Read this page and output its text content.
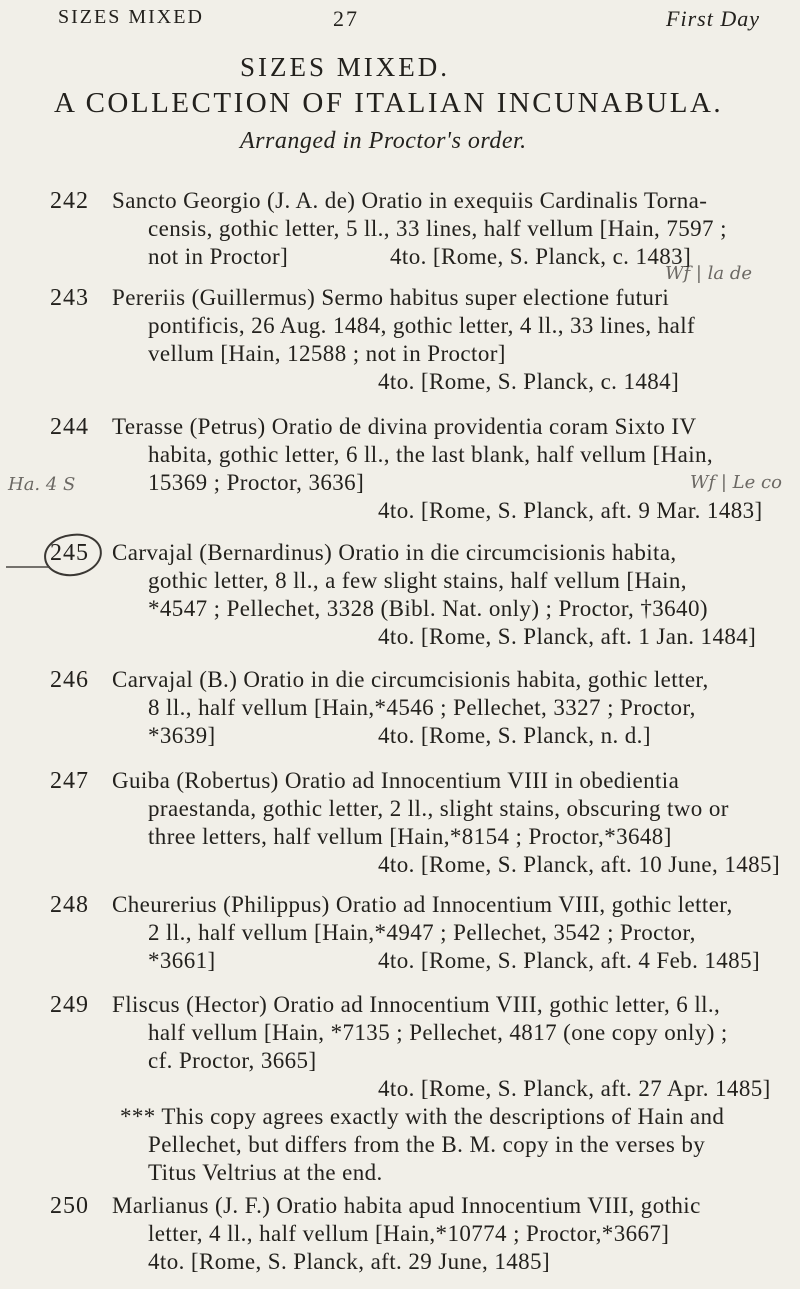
SIZES MIXED	27	First Day
SIZES MIXED.
A COLLECTION OF ITALIAN INCUNABULA.
Arranged in Proctor's order.
242 Sancto Georgio (J. A. de) Oratio in exequiis Cardinalis Torna-
censis, gothic letter, 5 ll., 33 lines, half vellum [Hain, 7597 ;
not in Proctor]	4to. [Rome, S. Planck, c. 1483]
Wf | la de
243 Pereriis (Guillermus) Sermo habitus super electione futuri
pontificis, 26 Aug. 1484, gothic letter, 4 ll., 33 lines, half
vellum [Hain, 12588 ; not in Proctor]
4to. [Rome, S. Planck, c. 1484]
244 Terasse (Petrus) Oratio de divina providentia coram Sixto IV
habita, gothic letter, 6 ll., the last blank, half vellum [Hain,
15369 ; Proctor, 3636]
4to. [Rome, S. Planck, aft. 9 Mar. 1483]
Wf | Le co
Ha. 4 S
245 Carvajal (Bernardinus) Oratio in die circumcisionis habita,
gothic letter, 8 ll., a few slight stains, half vellum [Hain,
*4547 ; Pellechet, 3328 (Bibl. Nat. only) ; Proctor, †3640)
4to. [Rome, S. Planck, aft. 1 Jan. 1484]
246 Carvajal (B.) Oratio in die circumcisionis habita, gothic letter,
8 ll., half vellum [Hain,*4546 ; Pellechet, 3327 ; Proctor,
*3639]	4to. [Rome, S. Planck, n. d.]
247 Guiba (Robertus) Oratio ad Innocentium VIII in obedientia
praestanda, gothic letter, 2 ll., slight stains, obscuring two or
three letters, half vellum [Hain,*8154 ; Proctor,*3648]
4to. [Rome, S. Planck, aft. 10 June, 1485]
248 Cheurerius (Philippus) Oratio ad Innocentium VIII, gothic letter,
2 ll., half vellum [Hain,*4947 ; Pellechet, 3542 ; Proctor,
*3661]	4to. [Rome, S. Planck, aft. 4 Feb. 1485]
249 Fliscus (Hector) Oratio ad Innocentium VIII, gothic letter, 6 ll.,
half vellum [Hain, *7135 ; Pellechet, 4817 (one copy only) ;
cf. Proctor, 3665]
4to. [Rome, S. Planck, aft. 27 Apr. 1485]
*** This copy agrees exactly with the descriptions of Hain and
Pellechet, but differs from the B. M. copy in the verses by
Titus Veltrius at the end.
250 Marlianus (J. F.) Oratio habita apud Innocentium VIII, gothic
letter, 4 ll., half vellum [Hain,*10774 ; Proctor,*3667]
4to. [Rome, S. Planck, aft. 29 June, 1485]
